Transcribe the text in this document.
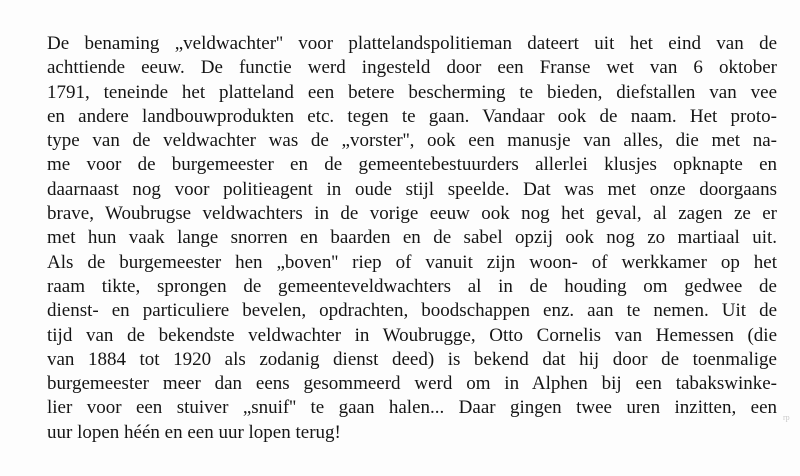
De benaming „veldwachter'' voor plattelandspolitieman dateert uit het eind van de
achttiende eeuw. De functie werd ingesteld door een Franse wet van 6 oktober
1791, teneinde het platteland een betere bescherming te bieden, diefstallen van vee
en andere landbouwprodukten etc. tegen te gaan. Vandaar ook de naam. Het proto-
type van de veldwachter was de „vorster'', ook een manusje van alles, die met na-
me voor de burgemeester en de gemeentebestuurders allerlei klusjes opknapte en
daarnaast nog voor politieagent in oude stijl speelde. Dat was met onze doorgaans
brave, Woubrugse veldwachters in de vorige eeuw ook nog het geval, al zagen ze er
met hun vaak lange snorren en baarden en de sabel opzij ook nog zo martiaal uit.
Als de burgemeester hen „boven'' riep of vanuit zijn woon- of werkkamer op het
raam tikte, sprongen de gemeenteveldwachters al in de houding om gedwee de
dienst- en particuliere bevelen, opdrachten, boodschappen enz. aan te nemen. Uit de
tijd van de bekendste veldwachter in Woubrugge, Otto Cornelis van Hemessen (die
van 1884 tot 1920 als zodanig dienst deed) is bekend dat hij door de toenmalige
burgemeester meer dan eens gesommeerd werd om in Alphen bij een tabakswinke-
lier voor een stuiver „snuif'' te gaan halen... Daar gingen twee uren inzitten, een
uur lopen héén en een uur lopen terug!

rp
